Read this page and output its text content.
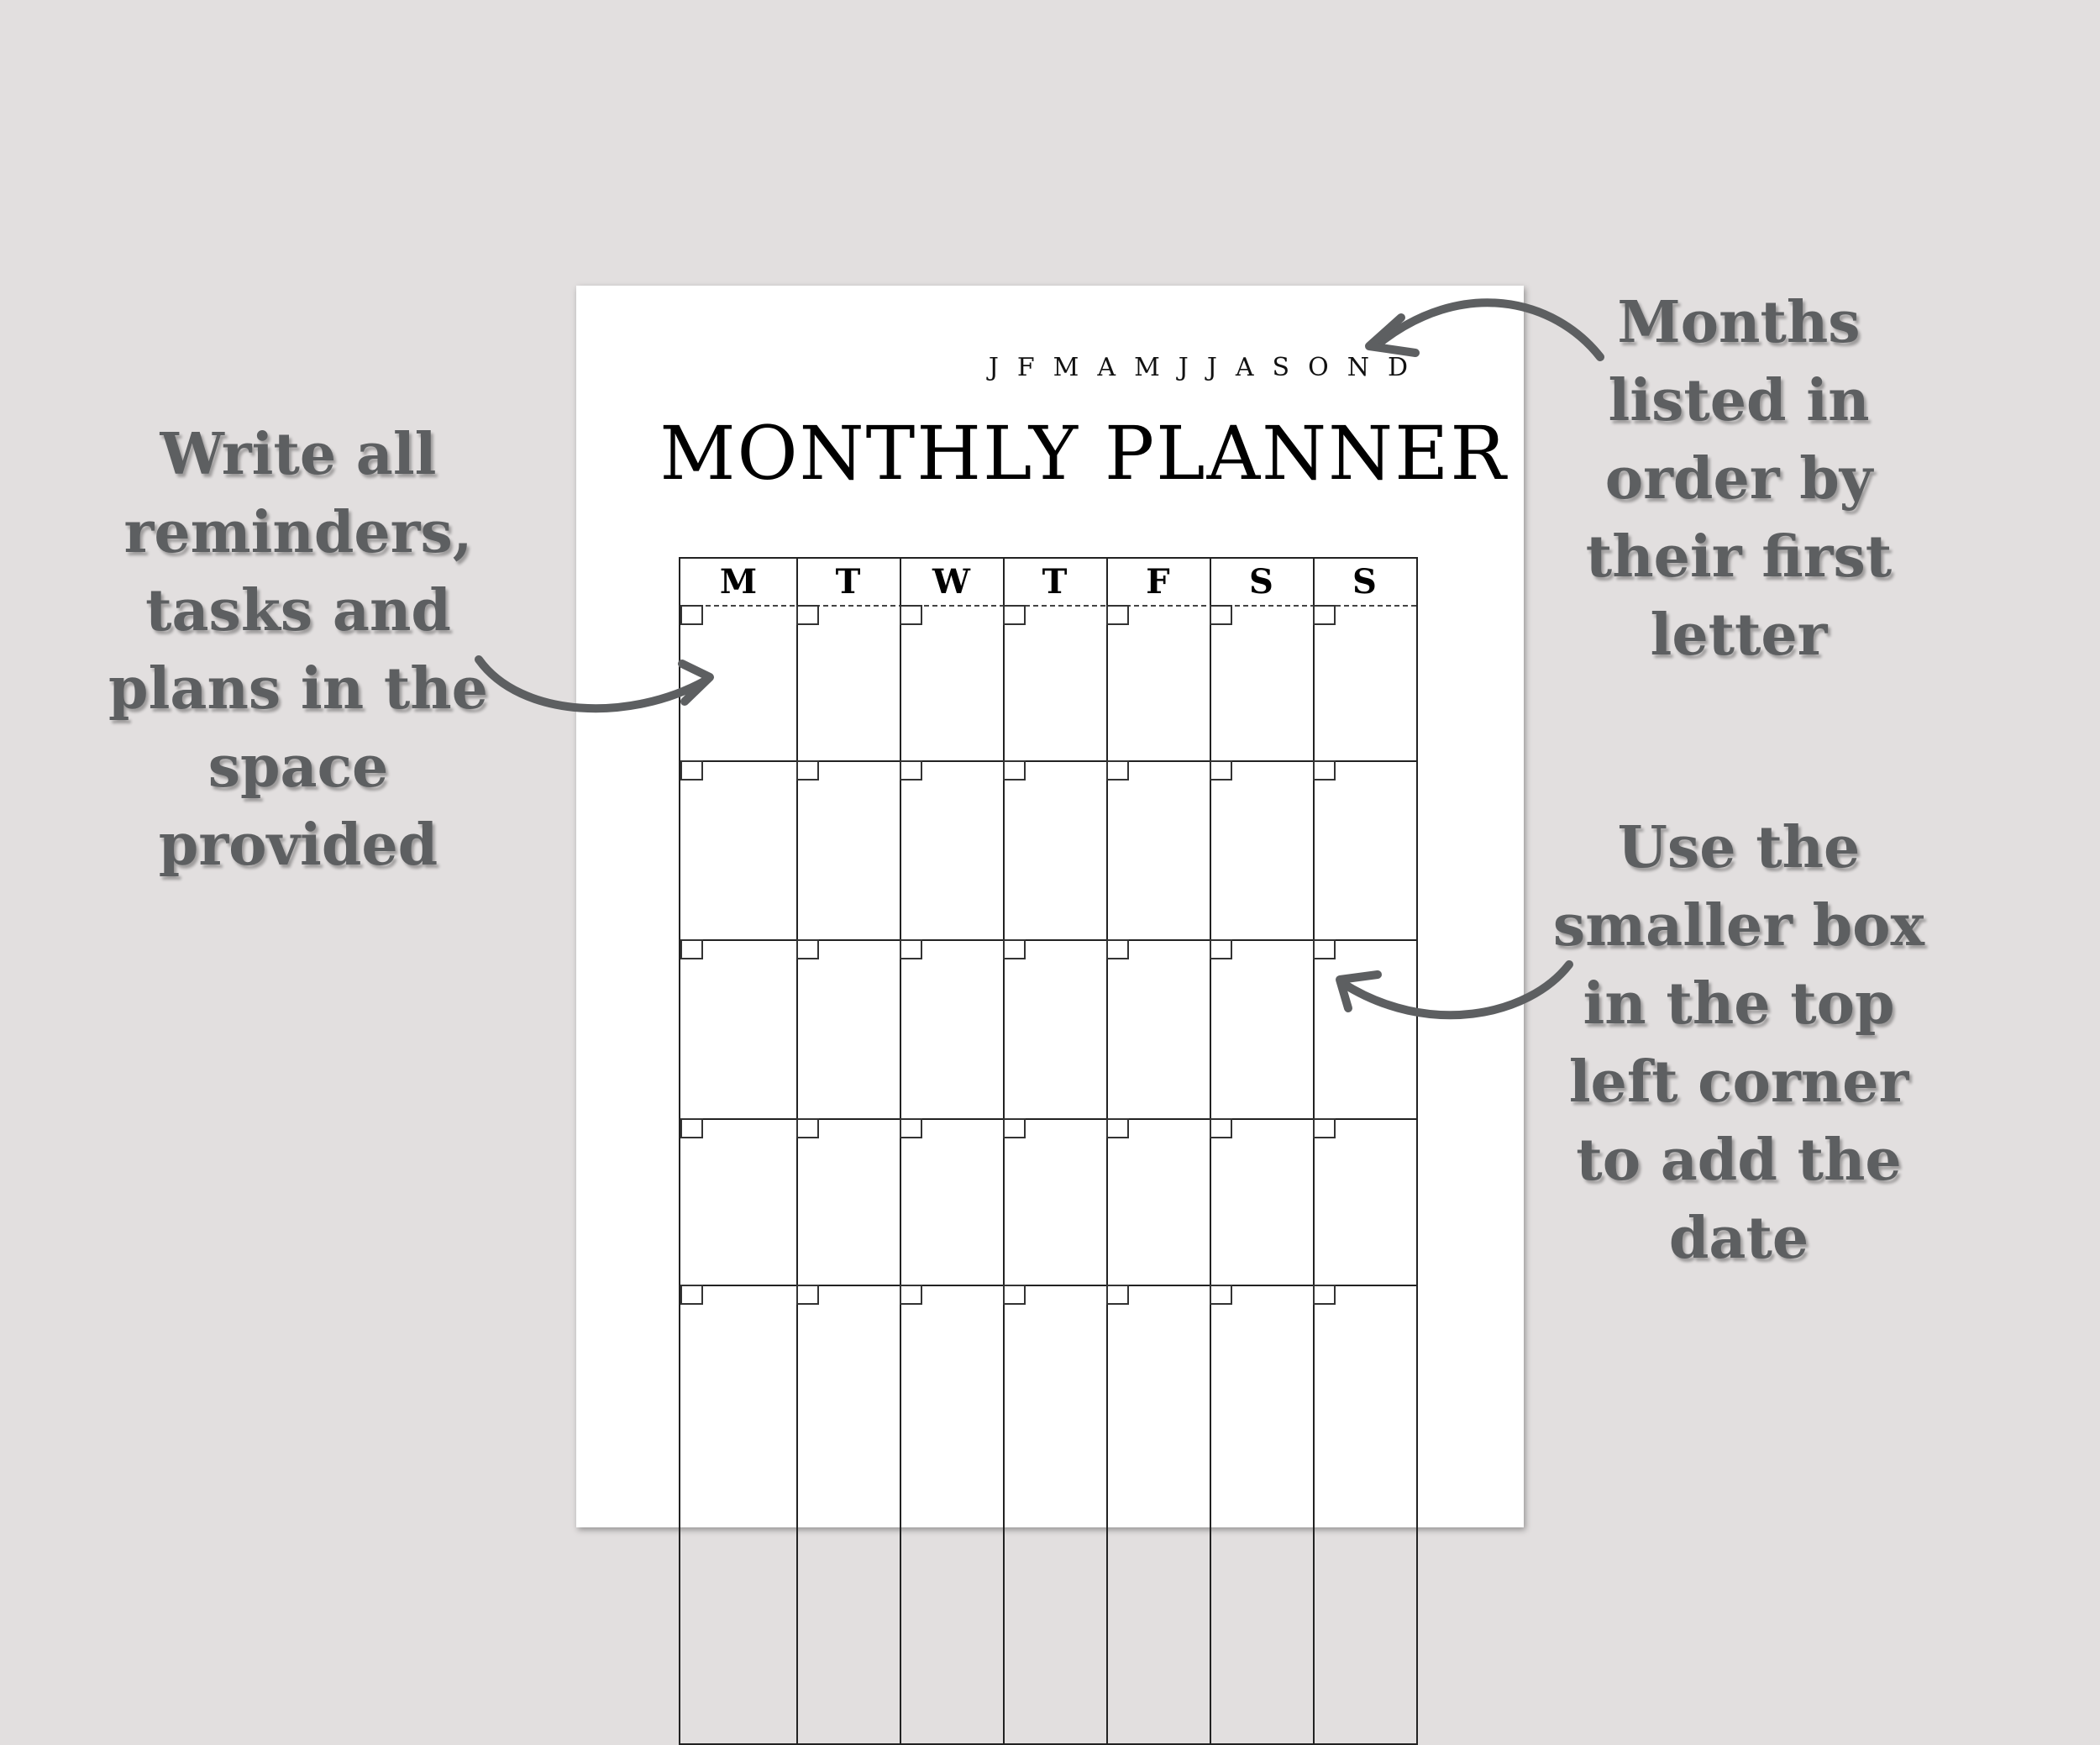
Write all
reminders,
tasks and
plans in the
space
provided
Months
listed in
order by
their first
letter
Use the
smaller box
in the top
left corner
to add the
date
J F M A M J J A S O N D
MONTHLY PLANNER
M	T	W	T	F	S	S
